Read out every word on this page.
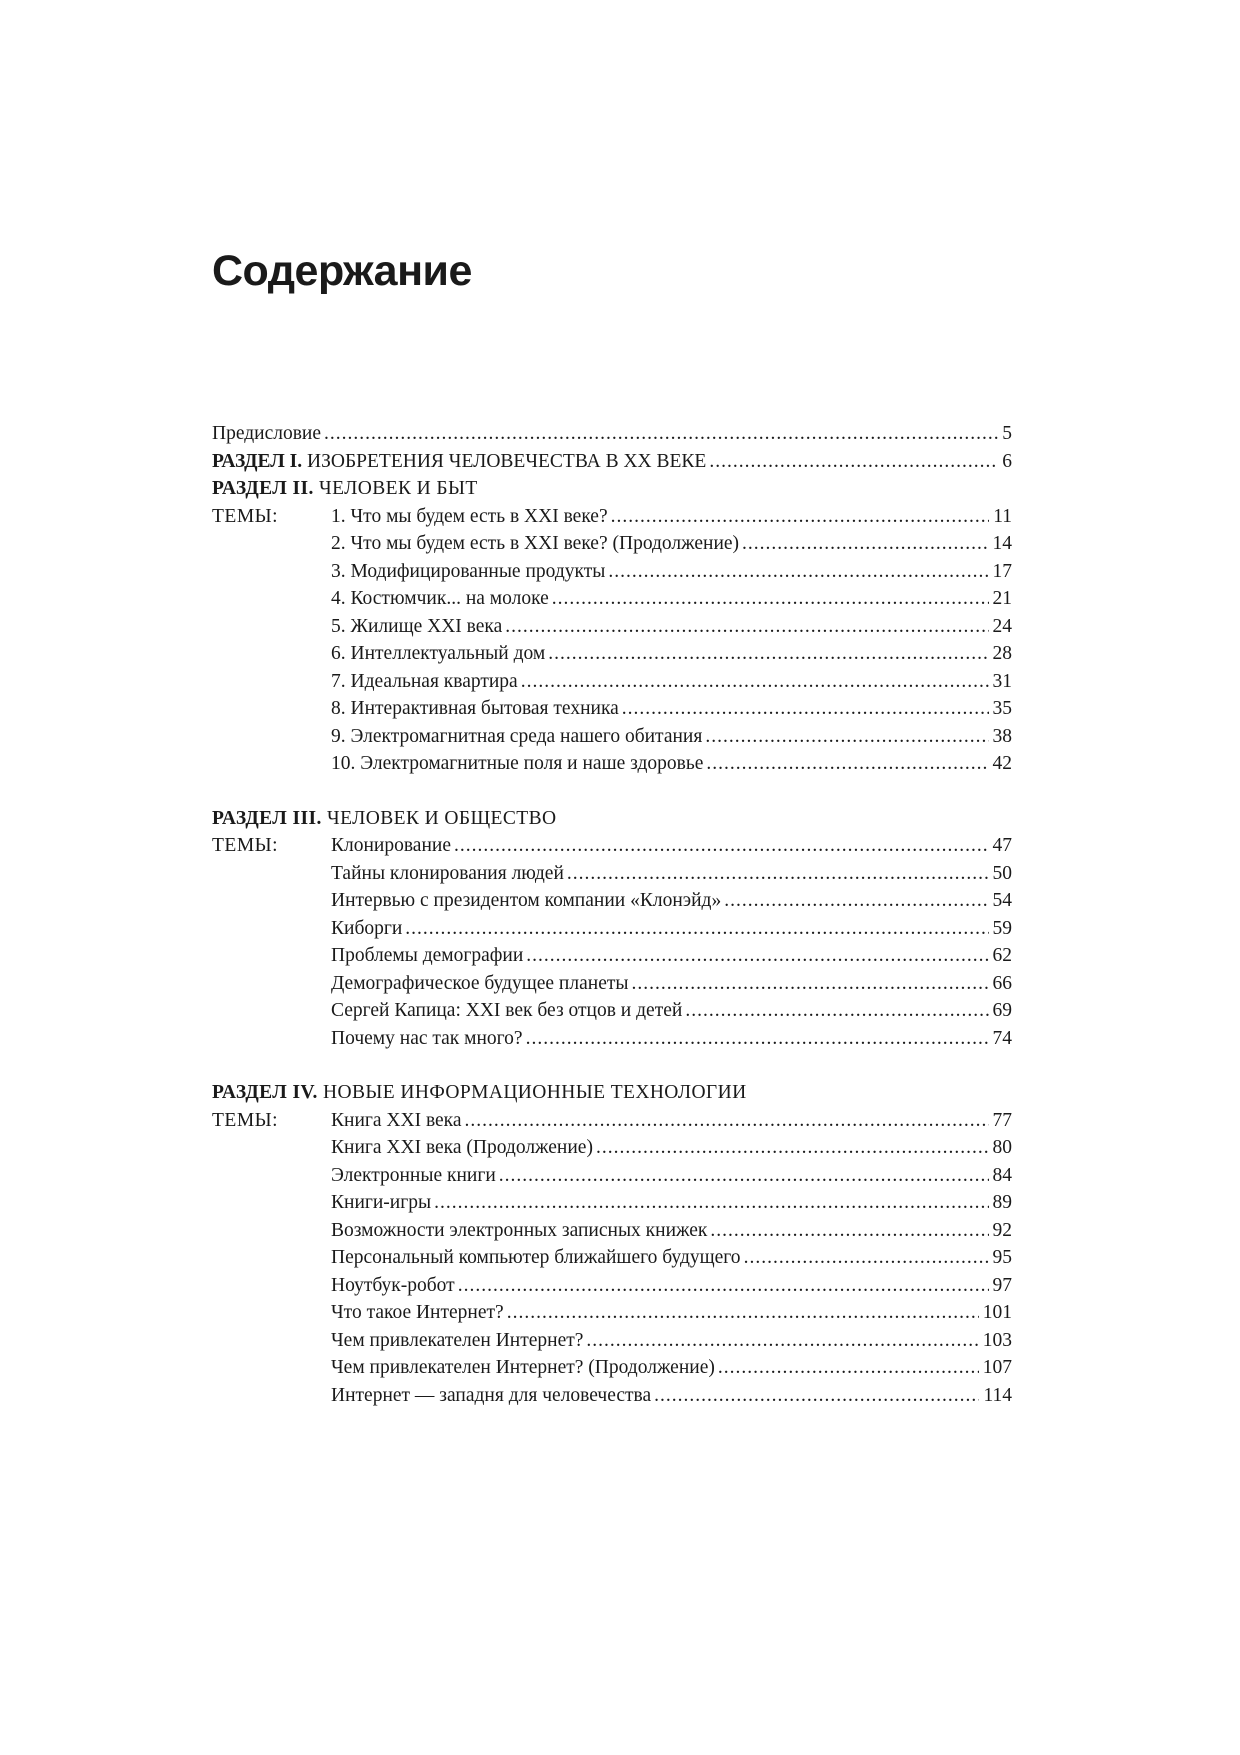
Содержание
Предисловие .....	5
РАЗДЕЛ I. ИЗОБРЕТЕНИЯ ЧЕЛОВЕЧЕСТВА В XX ВЕКЕ .....	6
РАЗДЕЛ II. ЧЕЛОВЕК И БЫТ
ТЕМЫ:	1. Что мы будем есть в XXI веке? .....	11
2. Что мы будем есть в XXI веке? (Продолжение) .....	14
3. Модифицированные продукты .....	17
4. Костюмчик... на молоке .....	21
5. Жилище XXI века .....	24
6. Интеллектуальный дом .....	28
7. Идеальная квартира .....	31
8. Интерактивная бытовая техника .....	35
9. Электромагнитная среда нашего обитания .....	38
10. Электромагнитные поля и наше здоровье .....	42
РАЗДЕЛ III. ЧЕЛОВЕК И ОБЩЕСТВО
ТЕМЫ:	Клонирование .....	47
Тайны клонирования людей .....	50
Интервью с президентом компании «Клонэйд» .....	54
Киборги .....	59
Проблемы демографии .....	62
Демографическое будущее планеты .....	66
Сергей Капица: XXI век без отцов и детей .....	69
Почему нас так много? .....	74
РАЗДЕЛ IV. НОВЫЕ ИНФОРМАЦИОННЫЕ ТЕХНОЛОГИИ
ТЕМЫ:	Книга XXI века .....	77
Книга XXI века (Продолжение) .....	80
Электронные книги .....	84
Книги-игры .....	89
Возможности электронных записных книжек .....	92
Персональный компьютер ближайшего будущего .....	95
Ноутбук-робот .....	97
Что такое Интернет? .....	101
Чем привлекателен Интернет? .....	103
Чем привлекателен Интернет? (Продолжение) .....	107
Интернет — западня для человечества .....	114
